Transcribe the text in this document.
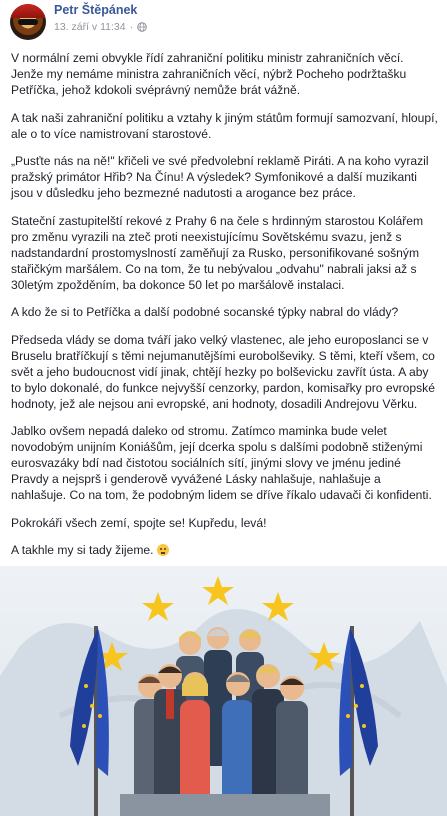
Petr Štěpánek
13. září v 11:34 ·

V normální zemi obvykle řídí zahraniční politiku ministr zahraničních věcí. Jenže my nemáme ministra zahraničních věcí, nýbrž Pocheho podržtašku Petříčka, jehož kdokoli svéprávný nemůže brát vážně.

A tak naši zahraniční politiku a vztahy k jiným státům formují samozvaní, hloupí, ale o to více namistrovaní starostové.

„Pusťte nás na ně!" křičeli ve své předvolební reklamě Piráti. A na koho vyrazil pražský primátor Hřib? Na Čínu! A výsledek? Symfonikové a další muzikanti jsou v důsledku jeho bezmezné nadutosti a arogance bez práce.

Stateční zastupitelští rekové z Prahy 6 na čele s hrdinným starostou Kolářem pro změnu vyrazili na zteč proti neexistujícímu Sovětskému svazu, jenž s nadstandardní prostomyslností zaměňují za Rusko, personifikované sošným stařičkým maršálem. Co na tom, že tu nebývalou „odvahu" nabrali jaksi až s 30letým zpožděním, ba dokonce 50 let po maršálově instalaci.

A kdo že si to Petříčka a další podobné socanské týpky nabral do vlády?

Předseda vlády se doma tváří jako velký vlastenec, ale jeho europoslanci se v Bruselu bratříčkují s těmi nejumanutějšími eurobolševiky. S těmi, kteří všem, co svět a jeho budoucnost vidí jinak, chtějí hezky po bolševicku zavřít ústa. A aby to bylo dokonalé, do funkce nejvyšší cenzorky, pardon, komisařky pro evropské hodnoty, jež ale nejsou ani evropské, ani hodnoty, dosadili Andrejovu Věrku.

Jablko ovšem nepadá daleko od stromu. Zatímco maminka bude velet novodobým unijním Koniášům, její dcerka spolu s dalšími podobně stiženými eurosvazáky bdí nad čistotou sociálních sítí, jinými slovy ve jménu jediné Pravdy a nejsprš i genderově vyvážené Lásky nahlašuje, nahlašuje a nahlašuje. Co na tom, že podobným lidem se dříve říkalo udavači či konfidenti.

Pokrokáři všech zemí, spojte se! Kupředu, levá!

A takhle my si tady žijeme.
